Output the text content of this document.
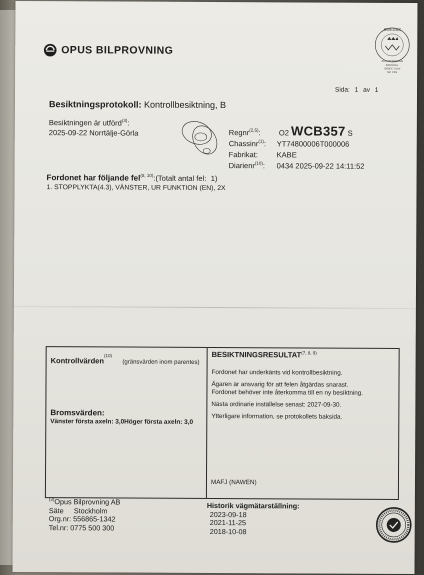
OPUS BILPROVNING
SWEDAC
ACKREDITERING
KONTROLL
ISO/IEC 17020
NR: 1006
Sida: 1 av 1
Besiktningsprotokoll: Kontrollbesiktning, B
Besiktningen är utförd$^{(3)}$:
2025-09-22 Norrtälje-Görla	Regnr$^{(2,5)}$: O2 WCB357 S
Chassinr$^{(1)}$: YT74800006T000006
Fabrikat:	KABE
Diarienr$^{(10)}$: 0434 2025-09-22 14:11:52
Fordonet har följande fel$^{(8, 10)}$:(Totalt antal fel: 1)
1. STOPPLYKTA(4.3), VÄNSTER, UR FUNKTION (EN), 2X
Kontrollvärden$^{(10)}$ (gränsvärden inom parentes)
Bromsvärden:
Vänster första axeln: 3,0Höger första axeln: 3,0
BESIKTNINGSRESULTAT$^{(7, 8, 9)}$

Fordonet har underkänts vid kontrollbesiktning.

Ägaren är ansvarig för att felen åtgärdas snarast.
Fordonet behöver inte återkomma till en ny besiktning.

Nästa ordinarie inställelse senast: 2027-09-30.

Ytterligare information, se protokollets baksida.

MAFJ (NAWEN)
$^{(3)}$Opus Bilprovning AB
Säte Stockholm
Org.nr: 556865-1342
Tel.nr: 0775 500 300
Historik vägmätarställning:
2023-09-18
2021-11-25
2018-10-08
